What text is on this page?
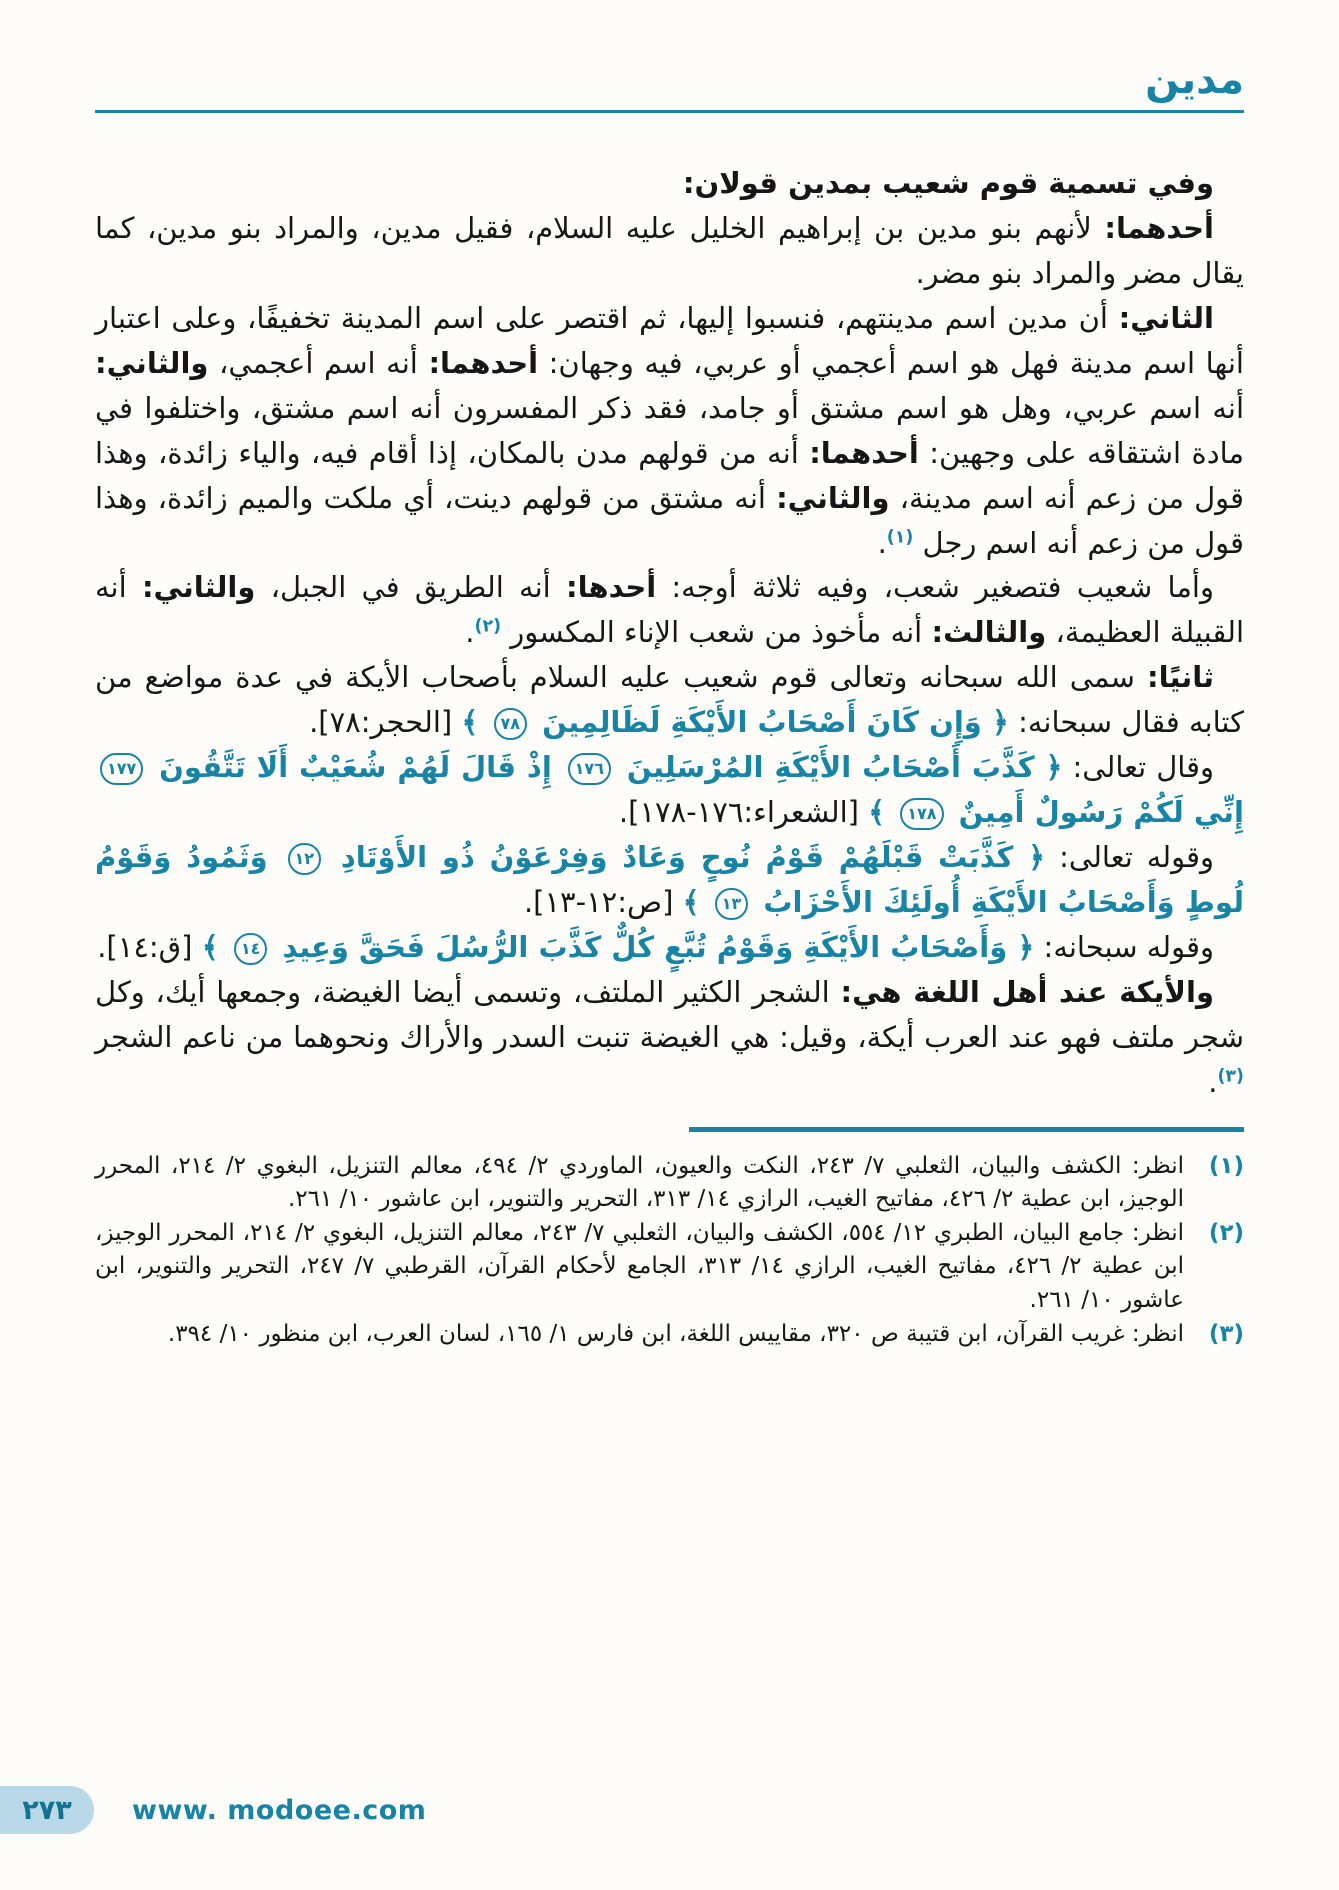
مدين

وفي تسمية قوم شعيب بمدين قولان:

أحدهما: لأنهم بنو مدين بن إبراهيم الخليل عليه السلام، فقيل مدين، والمراد بنو مدين، كما يقال مضر والمراد بنو مضر.

الثاني: أن مدين اسم مدينتهم، فنسبوا إليها، ثم اقتصر على اسم المدينة تخفيفًا، وعلى اعتبار أنها اسم مدينة فهل هو اسم أعجمي أو عربي، فيه وجهان: أحدهما: أنه اسم أعجمي، والثاني: أنه اسم عربي، وهل هو اسم مشتق أو جامد، فقد ذكر المفسرون أنه اسم مشتق، واختلفوا في مادة اشتقاقه على وجهين: أحدهما: أنه من قولهم مدن بالمكان، إذا أقام فيه، والياء زائدة، وهذا قول من زعم أنه اسم مدينة، والثاني: أنه مشتق من قولهم دينت، أي ملكت والميم زائدة، وهذا قول من زعم أنه اسم رجل $^{(١)}$.

وأما شعيب فتصغير شعب، وفيه ثلاثة أوجه: أحدها: أنه الطريق في الجبل، والثاني: أنه القبيلة العظيمة، والثالث: أنه مأخوذ من شعب الإناء المكسور $^{(٢)}$.

ثانيًا: سمى الله سبحانه وتعالى قوم شعيب عليه السلام بأصحاب الأيكة في عدة مواضع من كتابه فقال سبحانه: ﴿ وَإِن كَانَ أَصْحَابُ الأَيْكَةِ لَظَالِمِينَ ٧٨ ﴾ [الحجر:٧٨].

وقال تعالى: ﴿ كَذَّبَ أَصْحَابُ الأَيْكَةِ المُرْسَلِينَ ١٧٦ إِذْ قَالَ لَهُمْ شُعَيْبٌ أَلَا تَتَّقُونَ ١٧٧ إِنِّي لَكُمْ رَسُولٌ أَمِينٌ ١٧٨ ﴾ [الشعراء:١٧٦-١٧٨].

وقوله تعالى: ﴿ كَذَّبَتْ قَبْلَهُمْ قَوْمُ نُوحٍ وَعَادٌ وَفِرْعَوْنُ ذُو الأَوْتَادِ ١٢ وَثَمُودُ وَقَوْمُ لُوطٍ وَأَصْحَابُ الأَيْكَةِ أُولَئِكَ الأَحْزَابُ ١٣ ﴾ [ص:١٢-١٣].

وقوله سبحانه: ﴿ وَأَصْحَابُ الأَيْكَةِ وَقَوْمُ تُبَّعٍ كُلٌّ كَذَّبَ الرُّسُلَ فَحَقَّ وَعِيدِ ١٤ ﴾ [ق:١٤].

والأيكة عند أهل اللغة هي: الشجر الكثير الملتف، وتسمى أيضا الغيضة، وجمعها أيك، وكل شجر ملتف فهو عند العرب أيكة، وقيل: هي الغيضة تنبت السدر والأراك ونحوهما من ناعم الشجر $^{(٣)}$.

(١)
انظر: الكشف والبيان، الثعلبي ٧/ ٢٤٣، النكت والعيون، الماوردي ٢/ ٤٩٤، معالم التنزيل، البغوي ٢/ ٢١٤، المحرر الوجيز، ابن عطية ٢/ ٤٢٦، مفاتيح الغيب، الرازي ١٤/ ٣١٣، التحرير والتنوير، ابن عاشور ١٠/ ٢٦١.
(٢)
انظر: جامع البيان، الطبري ١٢/ ٥٥٤، الكشف والبيان، الثعلبي ٧/ ٢٤٣، معالم التنزيل، البغوي ٢/ ٢١٤، المحرر الوجيز، ابن عطية ٢/ ٤٢٦، مفاتيح الغيب، الرازي ١٤/ ٣١٣، الجامع لأحكام القرآن، القرطبي ٧/ ٢٤٧، التحرير والتنوير، ابن عاشور ١٠/ ٢٦١.
(٣)
انظر: غريب القرآن، ابن قتيبة ص ٣٢٠، مقاييس اللغة، ابن فارس ١/ ١٦٥، لسان العرب، ابن منظور ١٠/ ٣٩٤.
٢٧٣ www. modoee.com
